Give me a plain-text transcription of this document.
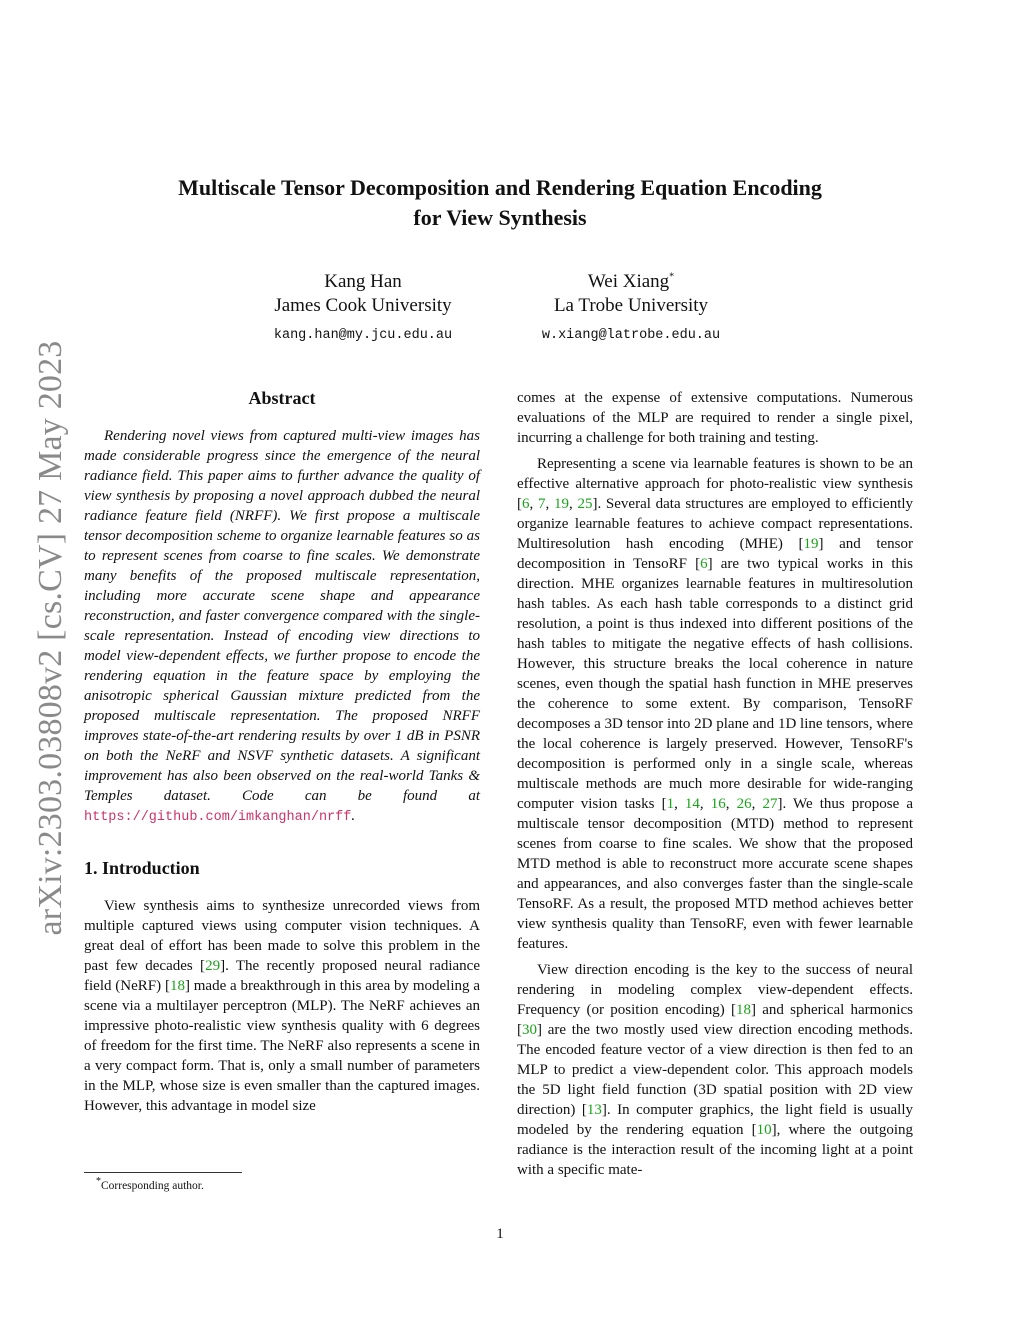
arXiv:2303.03808v2 [cs.CV] 27 May 2023
Multiscale Tensor Decomposition and Rendering Equation Encoding
for View Synthesis
Kang Han
James Cook University
kang.han@my.jcu.edu.au
Wei Xiang*
La Trobe University
w.xiang@latrobe.edu.au
Abstract

Rendering novel views from captured multi-view images has made considerable progress since the emergence of the neural radiance field. This paper aims to further advance the quality of view synthesis by proposing a novel approach dubbed the neural radiance feature field (NRFF). We first propose a multiscale tensor decomposition scheme to organize learnable features so as to represent scenes from coarse to fine scales. We demonstrate many benefits of the proposed multiscale representation, including more accurate scene shape and appearance reconstruction, and faster convergence compared with the single-scale representation. Instead of encoding view directions to model view-dependent effects, we further propose to encode the rendering equation in the feature space by employing the anisotropic spherical Gaussian mixture predicted from the proposed multiscale representation. The proposed NRFF improves state-of-the-art rendering results by over 1 dB in PSNR on both the NeRF and NSVF synthetic datasets. A significant improvement has also been observed on the real-world Tanks & Temples dataset. Code can be found at https://github.com/imkanghan/nrff.

1. Introduction

View synthesis aims to synthesize unrecorded views from multiple captured views using computer vision techniques. A great deal of effort has been made to solve this problem in the past few decades [29]. The recently proposed neural radiance field (NeRF) [18] made a breakthrough in this area by modeling a scene via a multilayer perceptron (MLP). The NeRF achieves an impressive photo-realistic view synthesis quality with 6 degrees of freedom for the first time. The NeRF also represents a scene in a very compact form. That is, only a small number of parameters in the MLP, whose size is even smaller than the captured images. However, this advantage in model size

comes at the expense of extensive computations. Numerous evaluations of the MLP are required to render a single pixel, incurring a challenge for both training and testing.

Representing a scene via learnable features is shown to be an effective alternative approach for photo-realistic view synthesis [6, 7, 19, 25]. Several data structures are employed to efficiently organize learnable features to achieve compact representations. Multiresolution hash encoding (MHE) [19] and tensor decomposition in TensoRF [6] are two typical works in this direction. MHE organizes learnable features in multiresolution hash tables. As each hash table corresponds to a distinct grid resolution, a point is thus indexed into different positions of the hash tables to mitigate the negative effects of hash collisions. However, this structure breaks the local coherence in nature scenes, even though the spatial hash function in MHE preserves the coherence to some extent. By comparison, TensoRF decomposes a 3D tensor into 2D plane and 1D line tensors, where the local coherence is largely preserved. However, TensoRF's decomposition is performed only in a single scale, whereas multiscale methods are much more desirable for wide-ranging computer vision tasks [1, 14, 16, 26, 27]. We thus propose a multiscale tensor decomposition (MTD) method to represent scenes from coarse to fine scales. We show that the proposed MTD method is able to reconstruct more accurate scene shapes and appearances, and also converges faster than the single-scale TensoRF. As a result, the proposed MTD method achieves better view synthesis quality than TensoRF, even with fewer learnable features.

View direction encoding is the key to the success of neural rendering in modeling complex view-dependent effects. Frequency (or position encoding) [18] and spherical harmonics [30] are the two mostly used view direction encoding methods. The encoded feature vector of a view direction is then fed to an MLP to predict a view-dependent color. This approach models the 5D light field function (3D spatial position with 2D view direction) [13]. In computer graphics, the light field is usually modeled by the rendering equation [10], where the outgoing radiance is the interaction result of the incoming light at a point with a specific mate-

*Corresponding author.
1
